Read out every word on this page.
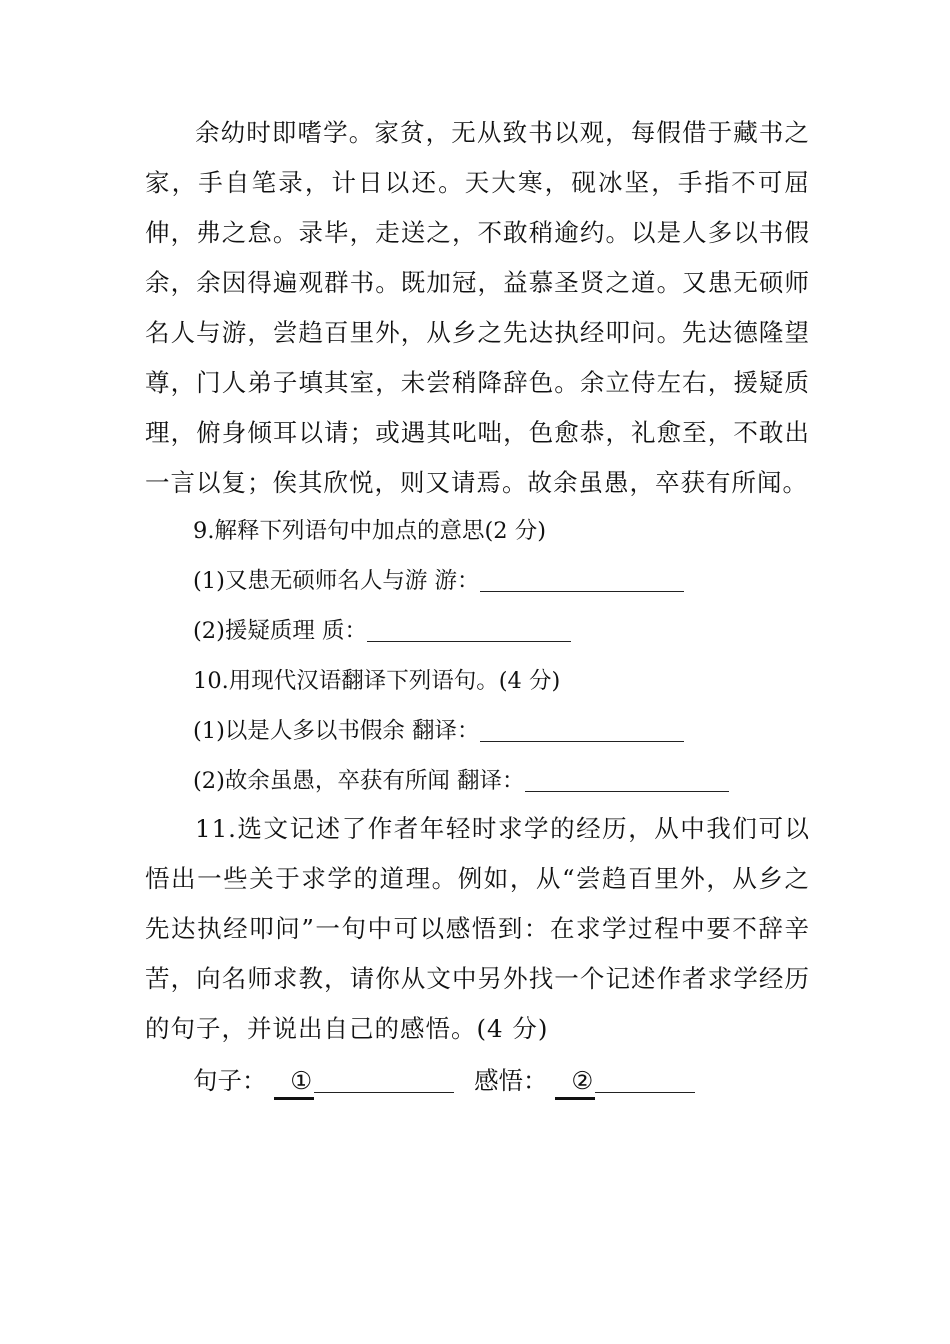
余幼时即嗜学。家贫，无从致书以观，每假借于藏书之家，手自笔录，计日以还。天大寒，砚冰坚，手指不可屈伸，弗之怠。录毕，走送之，不敢稍逾约。以是人多以书假余，余因得遍观群书。既加冠，益慕圣贤之道。又患无硕师名人与游，尝趋百里外，从乡之先达执经叩问。先达德隆望尊，门人弟子填其室，未尝稍降辞色。余立侍左右，援疑质理，俯身倾耳以请；或遇其叱咄，色愈恭，礼愈至，不敢出一言以复；俟其欣悦，则又请焉。故余虽愚，卒获有所闻。

9.解释下列语句中加点的意思(2 分)
(1)又患无硕师名人与游 游：
(2)援疑质理 质：
10.用现代汉语翻译下列语句。(4 分)
(1)以是人多以书假余 翻译：
(2)故余虽愚，卒获有所闻 翻译：

11.选文记述了作者年轻时求学的经历，从中我们可以悟出一些关于求学的道理。例如，从“尝趋百里外，从乡之先达执经叩问”一句中可以感悟到：在求学过程中要不辞辛苦，向名师求教，请你从文中另外找一个记述作者求学经历的句子，并说出自己的感悟。(4 分)

句子： ①	感悟： ②
